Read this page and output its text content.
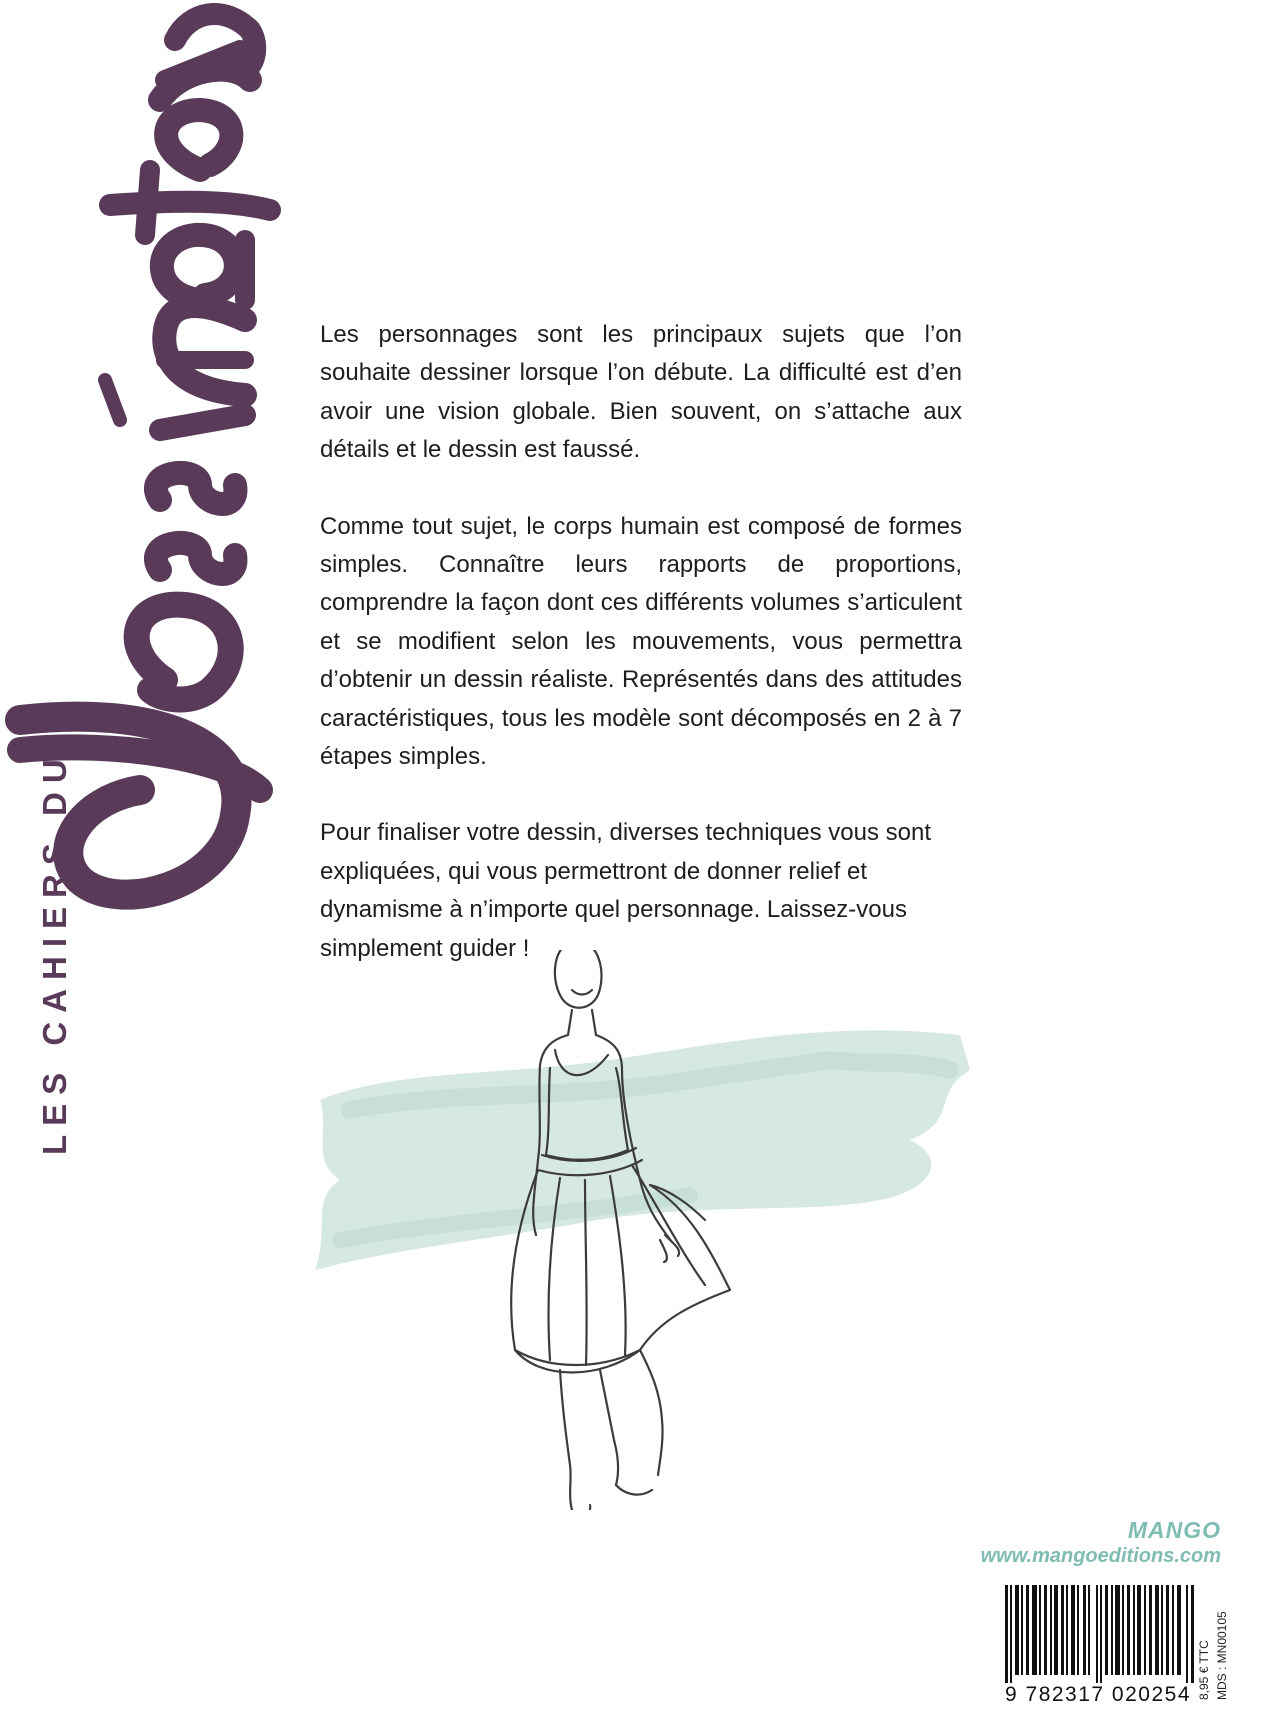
LES CAHIERS DU

Les personnages sont les principaux sujets que l’on souhaite dessiner lorsque l’on débute. La difficulté est d’en avoir une vision globale. Bien souvent, on s’attache aux détails et le dessin est faussé.

Comme tout sujet, le corps humain est composé de formes simples. Connaître leurs rapports de proportions, comprendre la façon dont ces différents volumes s’articulent et se modifient selon les mouvements, vous permettra d’obtenir un dessin réaliste. Représentés dans des attitudes caractéristiques, tous les modèle sont décomposés en 2 à 7 étapes simples.

Pour finaliser votre dessin, diverses techniques vous sont expliquées, qui vous permettront de donner relief et dynamisme à n’importe quel personnage. Laissez-vous simplement guider !

MANGO
www.mangoeditions.com
9 782317 020254 8,95 € TTC MDS : MN00105
